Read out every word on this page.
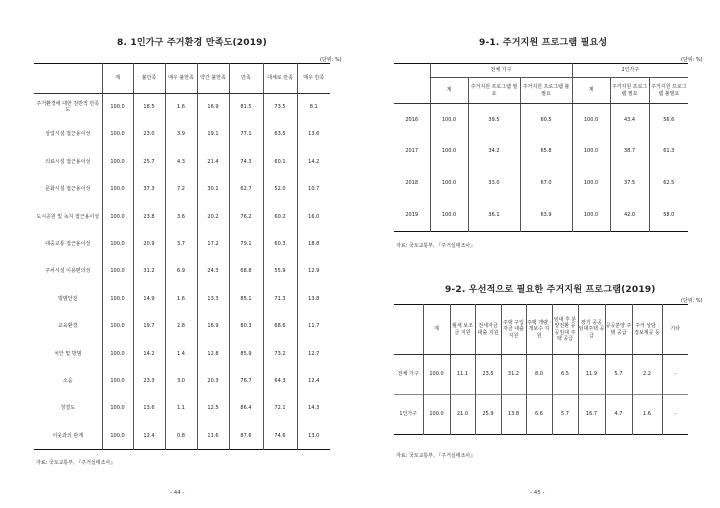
8. 1인가구 주거환경 만족도(2019)
(단위: %)
	계	불만족	매우 불만족	약간 불만족	만족	대체로 만족	매우 만족
주거환경에 대한 전반적 만족도	100.0	18.5	1.6	16.9	81.5	73.5	8.1
상업시설 접근용이성	100.0	23.0	3.9	19.1	77.1	63.5	13.6
의료시설 접근용이성	100.0	25.7	4.3	21.4	74.3	60.1	14.2
문화시설 접근용이성	100.0	37.3	7.2	30.1	62.7	52.0	10.7
도시공원 및 녹지 접근용이성	100.0	23.8	3.6	20.2	76.2	60.2	16.0
대중교통 접근용이성	100.0	20.9	3.7	17.2	79.1	60.3	18.8
주차시설 이용편의성	100.0	31.2	6.9	24.3	68.8	55.9	12.9
방범안전	100.0	14.9	1.6	13.3	85.1	71.3	13.8
교육환경	100.0	19.7	2.8	16.9	80.3	68.6	11.7
치안 및 방범	100.0	14.2	1.4	12.8	85.9	73.2	12.7
소음	100.0	23.3	3.0	20.3	76.7	64.3	12.4
청결도	100.0	13.6	1.1	12.5	86.4	72.1	14.3
이웃과의 관계	100.0	12.4	0.8	11.6	87.6	74.6	13.0
자료: 국토교통부, 『주거실태조사』
- 44 -
9-1. 주거지원 프로그램 필요성
(단위: %)
	전체 가구			1인가구		
	계	주거지원 프로그램 필요	주거지원 프로그램 불필요	계	주거지원 프로그램 필요	주거지원 프로그램 불필요
2016	100.0	39.5	60.5	100.0	43.4	56.6
2017	100.0	34.2	65.8	100.0	38.7	61.3
2018	100.0	33.0	67.0	100.0	37.5	62.5
2019	100.0	36.1	63.9	100.0	42.0	58.0
자료: 국토교통부, 『주거실태조사』
9-2. 우선적으로 필요한 주거지원 프로그램(2019)
(단위: %)
	계	월세 보조금 지원	전세자금 대출 지원	주택 구입 자금 대출 지원	주택 개량 · 개보수 지원	임대 후 분양전환 공공임대 주택 공급	장기 공공 임대주택 공급	공공분양 주택 공급	주거 상담 · 정보제공 등	기타
전체 가구	100.0	11.1	23.5	31.2	8.0	6.5	11.9	5.7	2.2	-
1인가구	100.0	21.0	25.9	13.8	6.6	5.7	16.7	4.7	1.6	-
자료: 국토교통부, 『주거실태조사』
- 45 -
